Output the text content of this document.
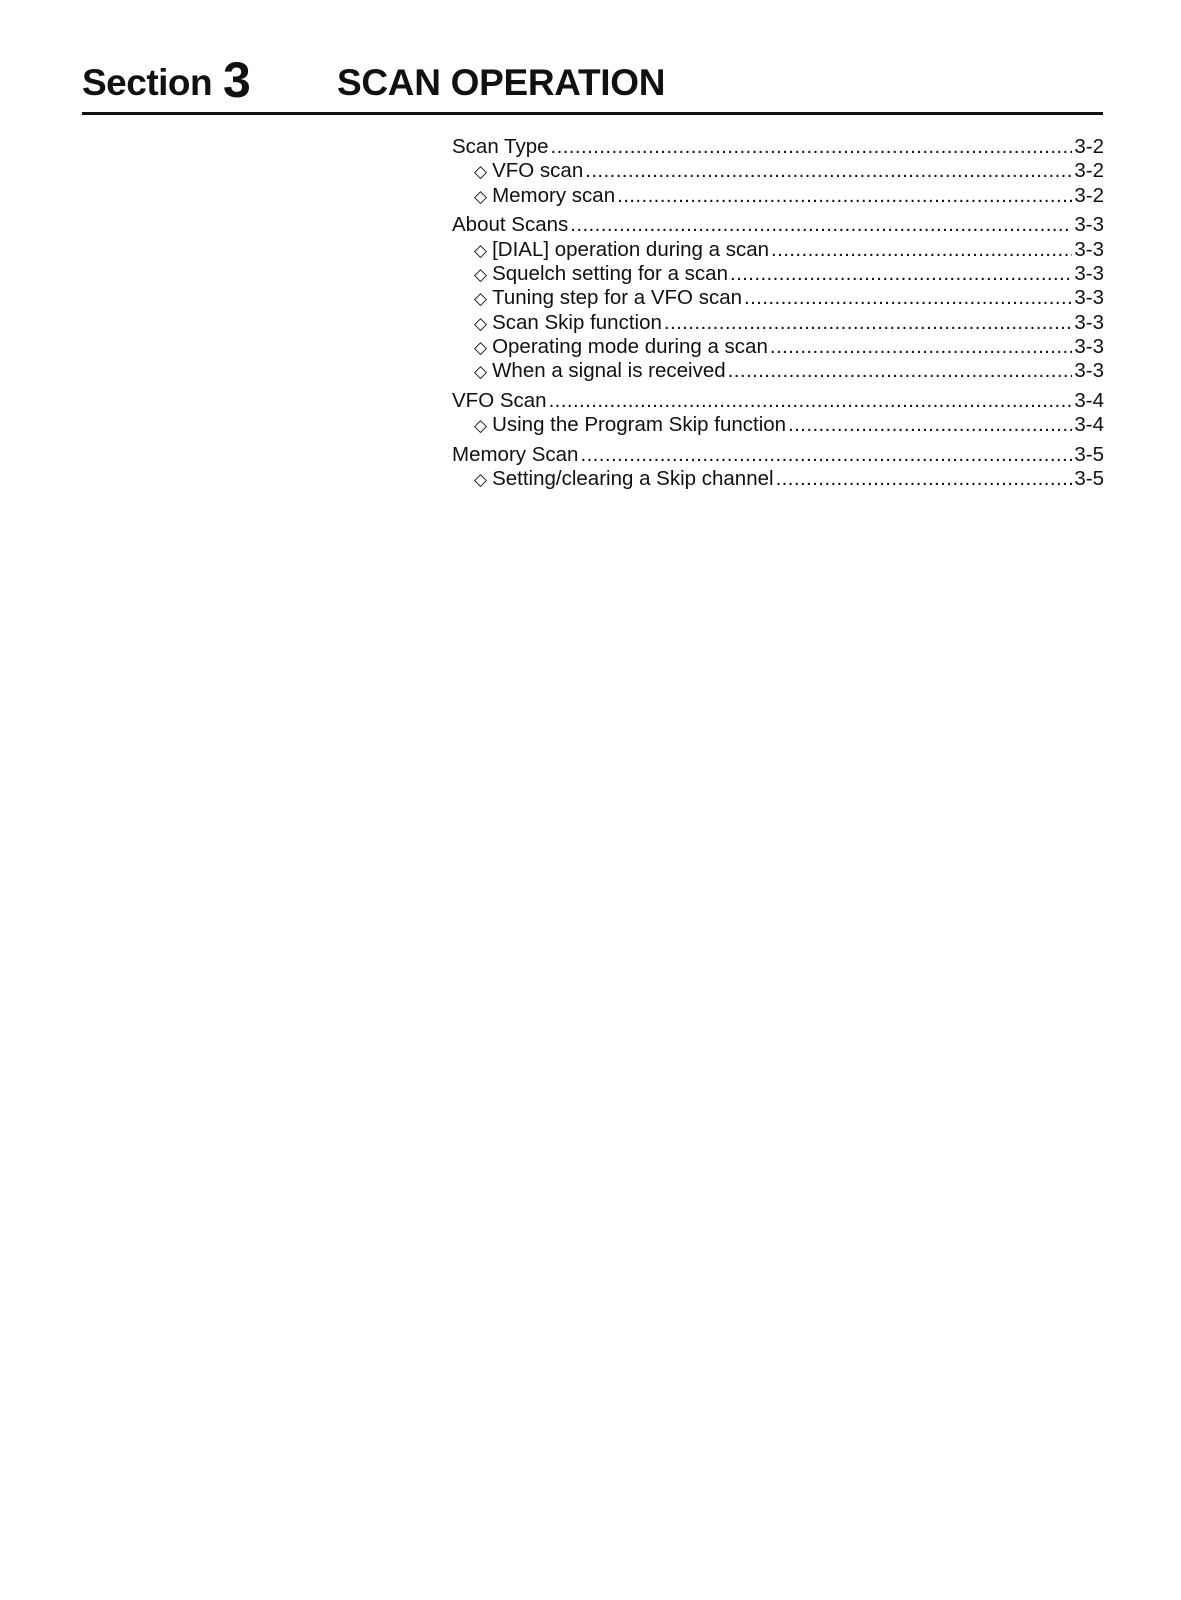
Section 3 SCAN OPERATION
Scan Type .....	3-2
◇ VFO scan .....	3-2
◇ Memory scan .....	3-2
About Scans .....	3-3
◇ [DIAL] operation during a scan .....	3-3
◇ Squelch setting for a scan .....	3-3
◇ Tuning step for a VFO scan .....	3-3
◇ Scan Skip function .....	3-3
◇ Operating mode during a scan .....	3-3
◇ When a signal is received .....	3-3
VFO Scan .....	3-4
◇ Using the Program Skip function .....	3-4
Memory Scan .....	3-5
◇ Setting/clearing a Skip channel .....	3-5
